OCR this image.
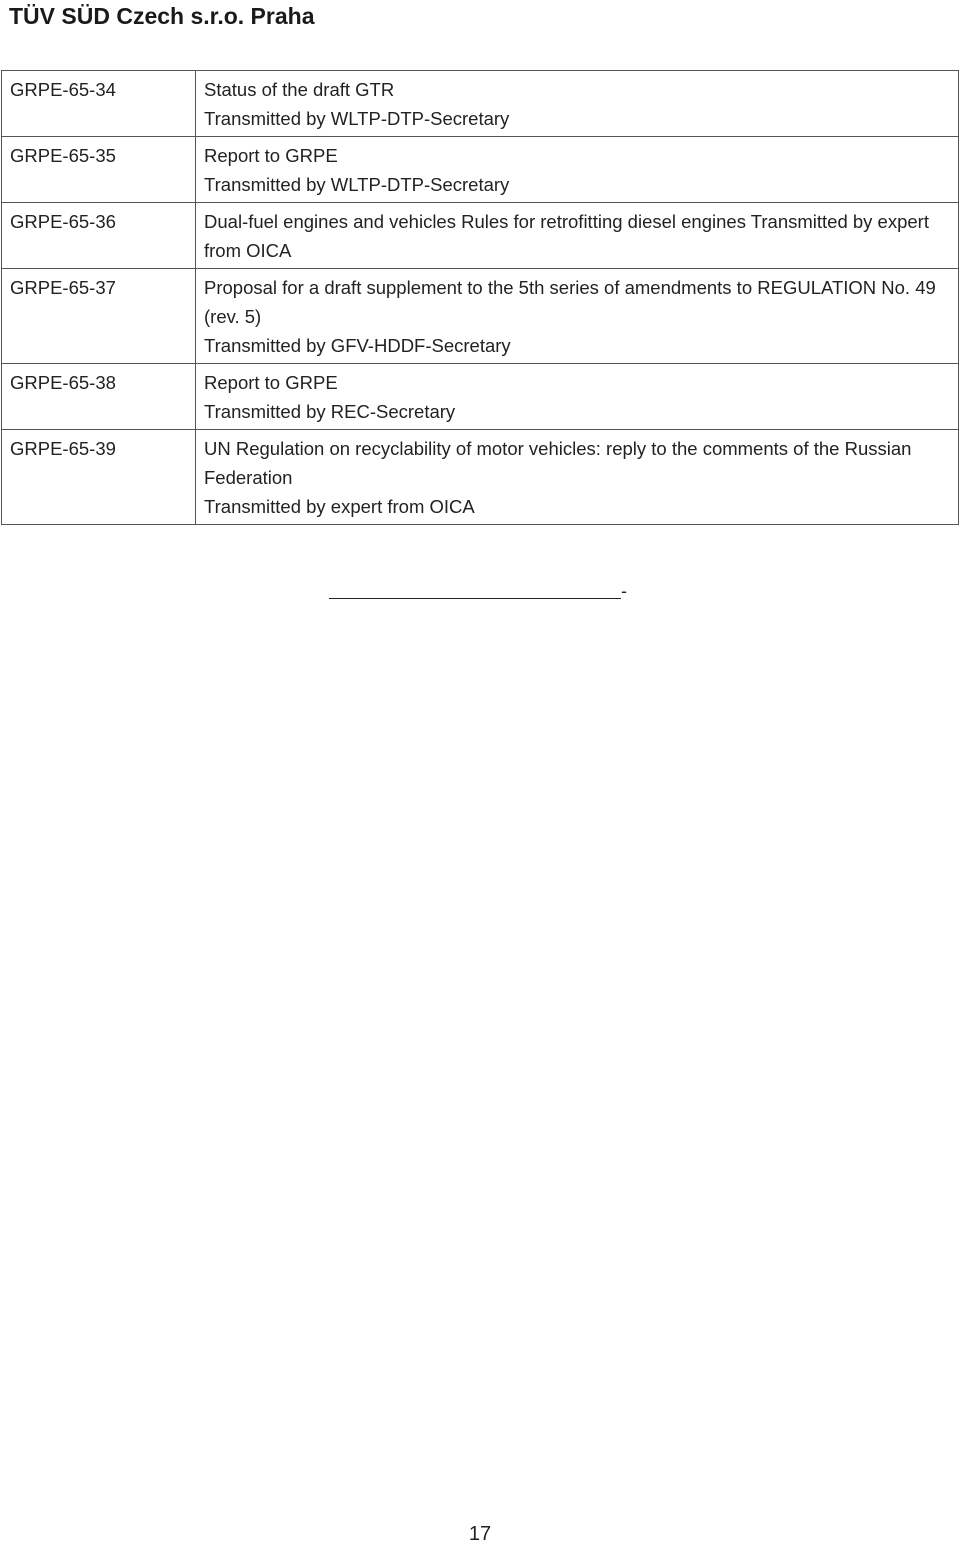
TÜV SÜD Czech s.r.o. Praha
GRPE-65-34	Status of the draft GTR
Transmitted by WLTP-DTP-Secretary

GRPE-65-35	Report to GRPE
Transmitted by WLTP-DTP-Secretary

GRPE-65-36	Dual-fuel engines and vehicles Rules for retrofitting diesel engines Transmitted by expert from OICA

GRPE-65-37	Proposal for a draft supplement to the 5th series of amendments to REGULATION No. 49 (rev. 5)
Transmitted by GFV-HDDF-Secretary

GRPE-65-38	Report to GRPE
Transmitted by REC-Secretary

GRPE-65-39	UN Regulation on recyclability of motor vehicles: reply to the comments of the Russian Federation
Transmitted by expert from OICA
-
17
